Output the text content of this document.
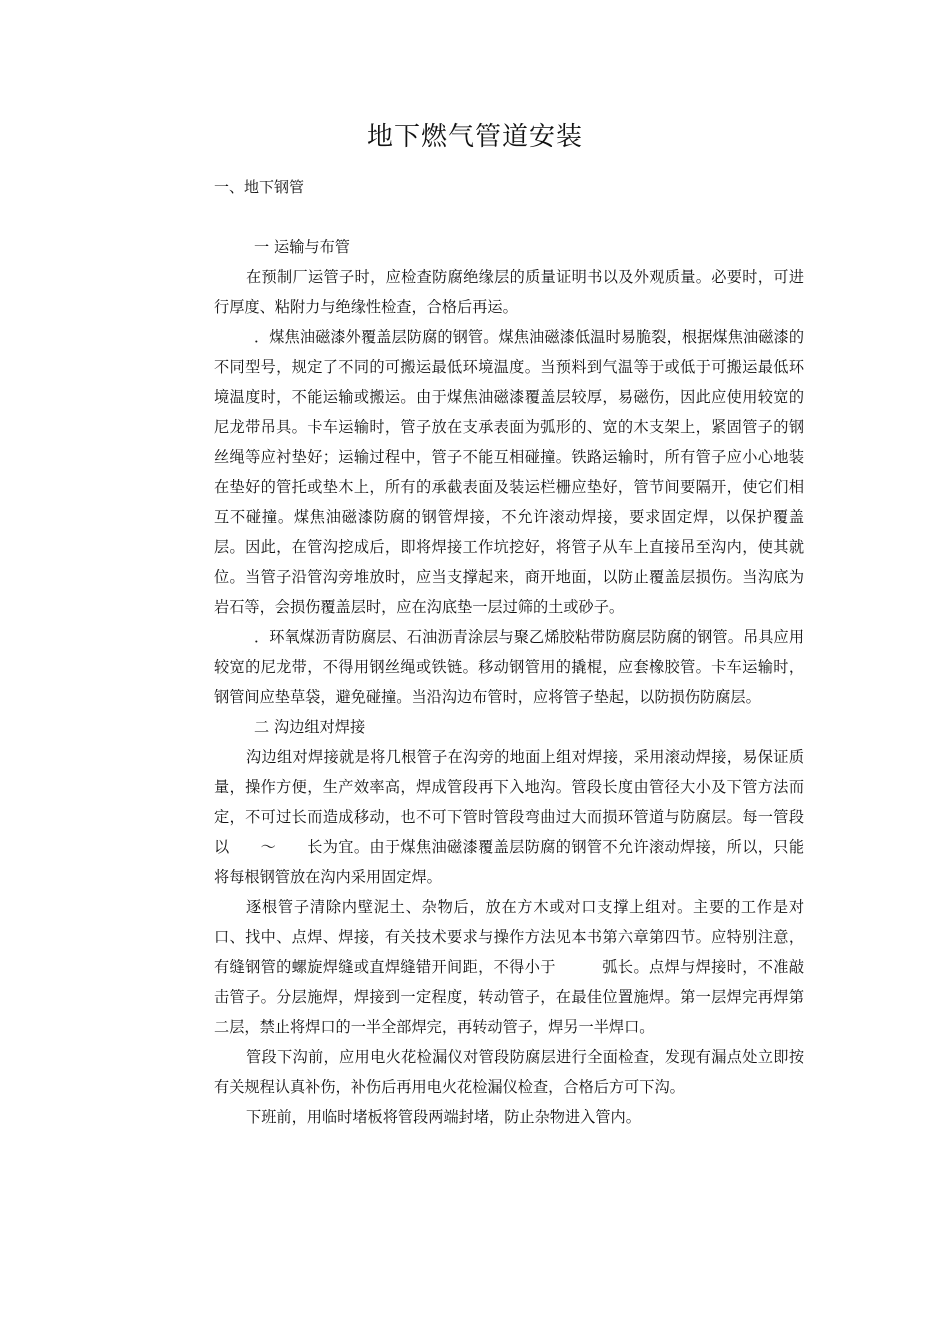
地下燃气管道安装
一、地下钢管

一 运输与布管

在预制厂运管子时，应检查防腐绝缘层的质量证明书以及外观质量。必要时，可进行厚度、粘附力与绝缘性检查，合格后再运。

．煤焦油磁漆外覆盖层防腐的钢管。煤焦油磁漆低温时易脆裂，根据煤焦油磁漆的不同型号，规定了不同的可搬运最低环境温度。当预料到气温等于或低于可搬运最低环境温度时，不能运输或搬运。由于煤焦油磁漆覆盖层较厚，易磁伤，因此应使用较宽的尼龙带吊具。卡车运输时，管子放在支承表面为弧形的、宽的木支架上，紧固管子的钢丝绳等应衬垫好；运输过程中，管子不能互相碰撞。铁路运输时，所有管子应小心地装在垫好的管托或垫木上，所有的承截表面及装运栏栅应垫好，管节间要隔开，使它们相互不碰撞。煤焦油磁漆防腐的钢管焊接，不允许滚动焊接，要求固定焊，以保护覆盖层。因此，在管沟挖成后，即将焊接工作坑挖好，将管子从车上直接吊至沟内，使其就位。当管子沿管沟旁堆放时，应当支撑起来，商开地面，以防止覆盖层损伤。当沟底为岩石等，会损伤覆盖层时，应在沟底垫一层过筛的土或砂子。

．环氧煤沥青防腐层、石油沥青涂层与聚乙烯胶粘带防腐层防腐的钢管。吊具应用较宽的尼龙带，不得用钢丝绳或铁链。移动钢管用的撬棍，应套橡胶管。卡车运输时，钢管间应垫草袋，避免碰撞。当沿沟边布管时，应将管子垫起，以防损伤防腐层。

二 沟边组对焊接

沟边组对焊接就是将几根管子在沟旁的地面上组对焊接，采用滚动焊接，易保证质量，操作方便，生产效率高，焊成管段再下入地沟。管段长度由管径大小及下管方法而定，不可过长而造成移动，也不可下管时管段弯曲过大而损环管道与防腐层。每一管段以　　～　　长为宜。由于煤焦油磁漆覆盖层防腐的钢管不允许滚动焊接，所以，只能将每根钢管放在沟内采用固定焊。

逐根管子清除内壁泥土、杂物后，放在方木或对口支撑上组对。主要的工作是对口、找中、点焊、焊接，有关技术要求与操作方法见本书第六章第四节。应特别注意，有缝钢管的螺旋焊缝或直焊缝错开间距，不得小于　　　弧长。点焊与焊接时，不准敲击管子。分层施焊，焊接到一定程度，转动管子，在最佳位置施焊。第一层焊完再焊第二层，禁止将焊口的一半全部焊完，再转动管子，焊另一半焊口。

管段下沟前，应用电火花检漏仪对管段防腐层进行全面检查，发现有漏点处立即按有关规程认真补伤，补伤后再用电火花检漏仪检查，合格后方可下沟。

下班前，用临时堵板将管段两端封堵，防止杂物进入管内。
